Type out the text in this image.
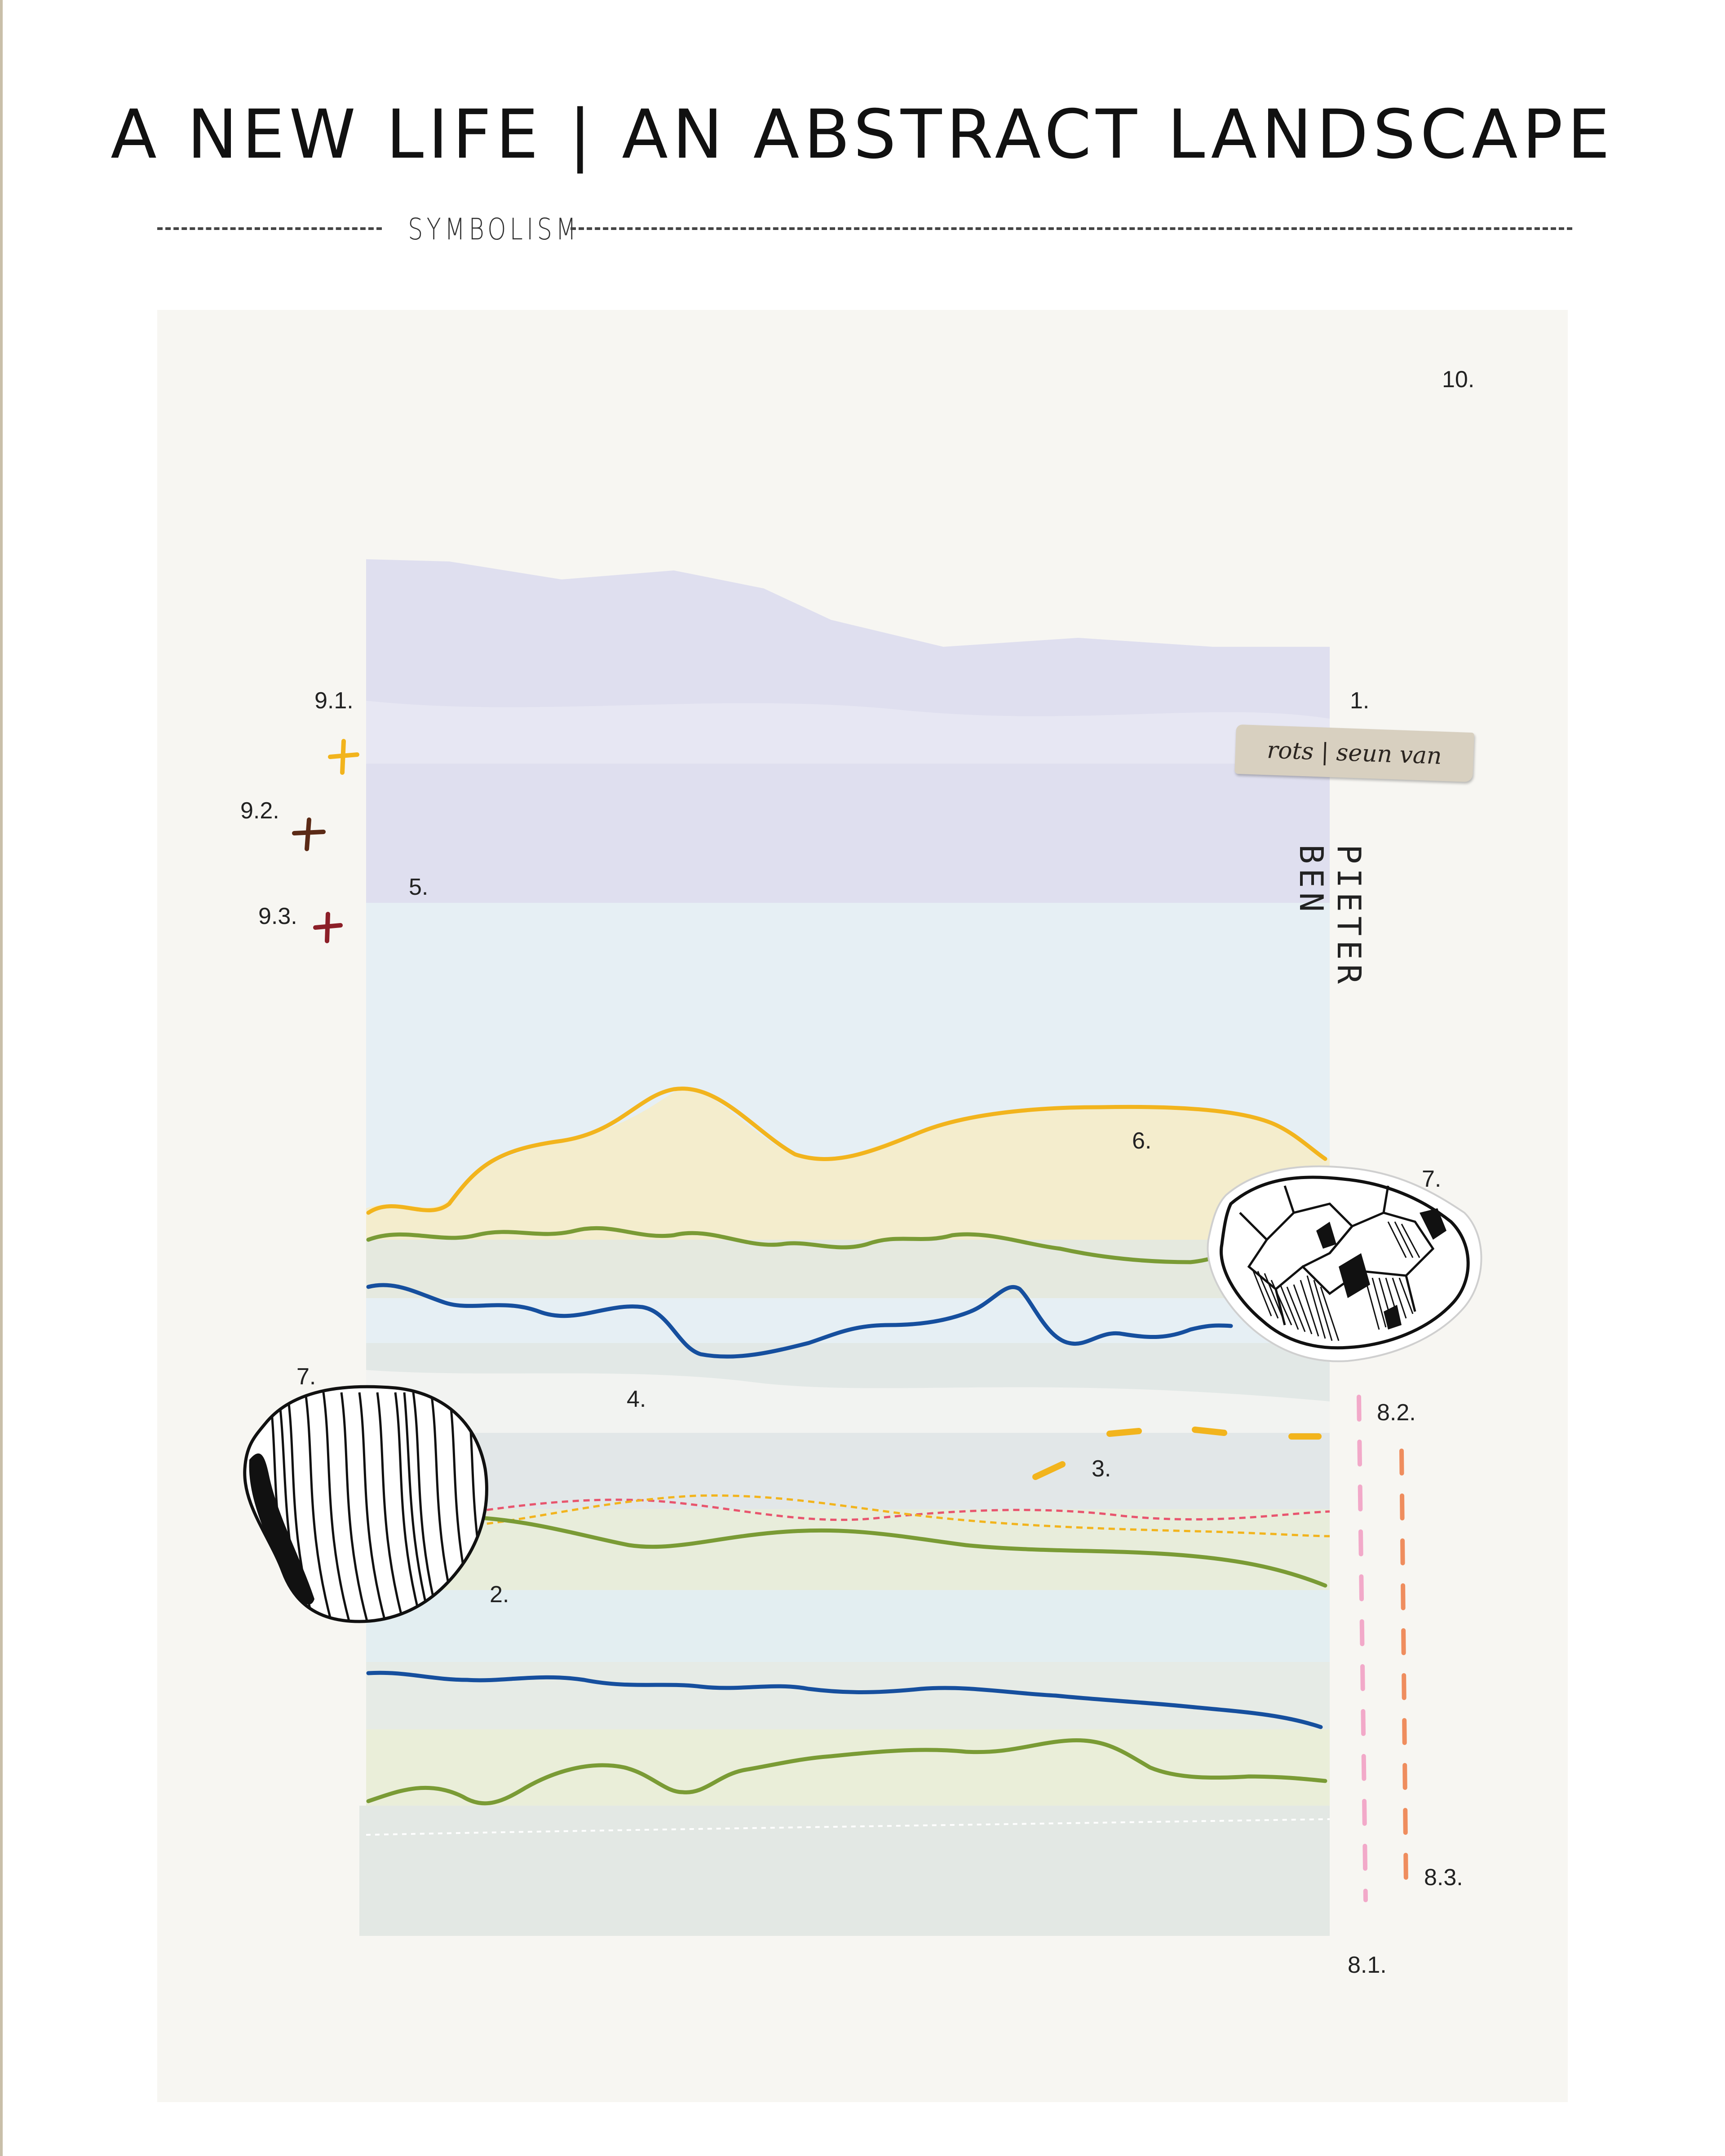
A NEW LIFE | AN ABSTRACT LANDSCAPE
SYMBOLISM
rots | seun van
PIETER BEN
1.
2.
3.
4.
5.
6.
7.
7.
8.1.
8.2.
8.3.
9.1.
9.2.
9.3.
10.
